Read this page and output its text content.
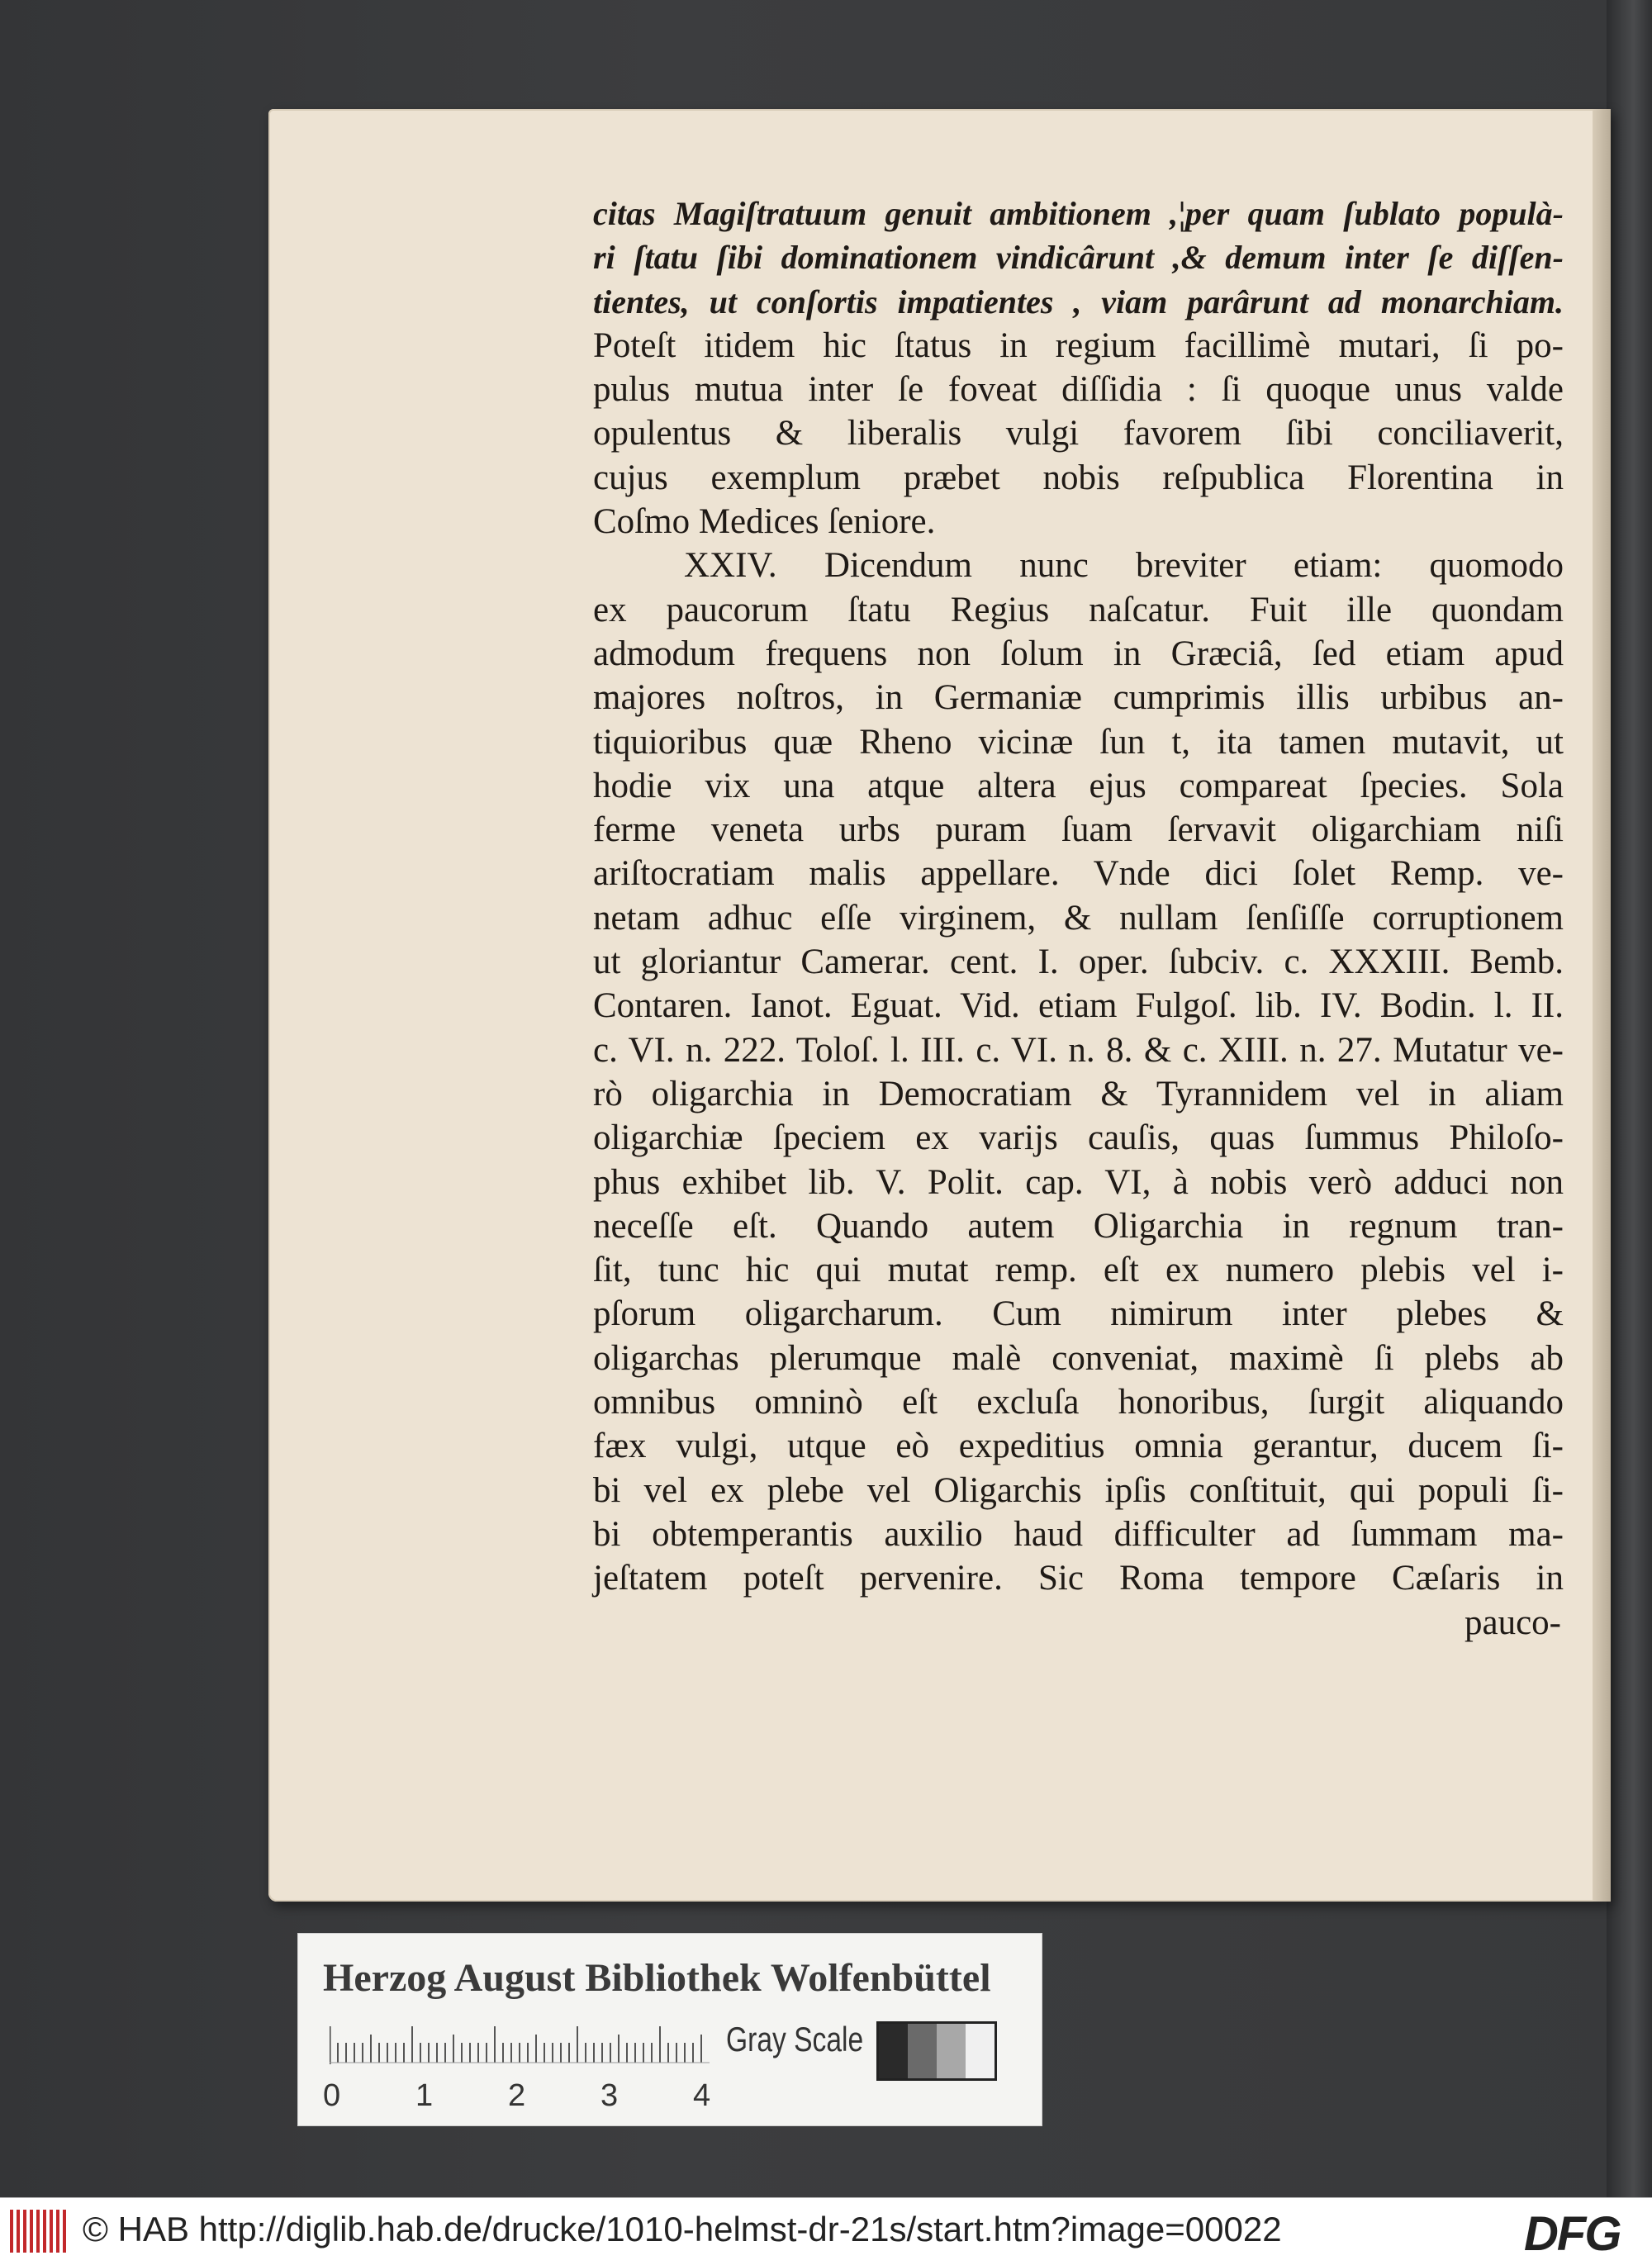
citas Magiſtratuum genuit ambitionem ,¦per quam ſublato populà-
ri ſtatu ſibi dominationem vindicârunt ,& demum inter ſe diſſen-
tientes, ut conſortis impatientes , viam parârunt ad monarchiam.
Poteſt itidem hic ſtatus in regium facillimè mutari, ſi po-
pulus mutua inter ſe foveat diſſidia : ſi quoque unus valde
opulentus & liberalis vulgi favorem ſibi conciliaverit,
cujus exemplum præbet nobis reſpublica Florentina in
Coſmo Medices ſeniore.
XXIV. Dicendum nunc breviter etiam: quomodo
ex paucorum ſtatu Regius naſcatur. Fuit ille quondam
admodum frequens non ſolum in Græciâ, ſed etiam apud
majores noſtros, in Germaniæ cumprimis illis urbibus an-
tiquioribus quæ Rheno vicinæ ſun t, ita tamen mutavit, ut
hodie vix una atque altera ejus compareat ſpecies. Sola
ferme veneta urbs puram ſuam ſervavit oligarchiam niſi
ariſtocratiam malis appellare. Vnde dici ſolet Remp. ve-
netam adhuc eſſe virginem, & nullam ſenſiſſe corruptionem
ut gloriantur Camerar. cent. I. oper. ſubciv. c. XXXIII. Bemb.
Contaren. Ianot. Eguat. Vid. etiam Fulgoſ. lib. IV. Bodin. l. II.
c. VI. n. 222. Toloſ. l. III. c. VI. n. 8. & c. XIII. n. 27. Mutatur ve-
rò oligarchia in Democratiam & Tyrannidem vel in aliam
oligarchiæ ſpeciem ex varijs cauſis, quas ſummus Philoſo-
phus exhibet lib. V. Polit. cap. VI, à nobis verò adduci non
neceſſe eſt. Quando autem Oligarchia in regnum tran-
ſit, tunc hic qui mutat remp. eſt ex numero plebis vel i-
pſorum oligarcharum. Cum nimirum inter plebes &
oligarchas plerumque malè conveniat, maximè ſi plebs ab
omnibus omninò eſt excluſa honoribus, ſurgit aliquando
fæx vulgi, utque eò expeditius omnia gerantur, ducem ſi-
bi vel ex plebe vel Oligarchis ipſis conſtituit, qui populi ſi-
bi obtemperantis auxilio haud difficulter ad ſummam ma-
jeſtatem poteſt pervenire. Sic Roma tempore Cæſaris in
pauco-
Herzog August Bibliothek Wolfenbüttel
0 1 2 3 4
Gray Scale
© HAB http://diglib.hab.de/drucke/1010-helmst-dr-21s/start.htm?image=00022	DFG
